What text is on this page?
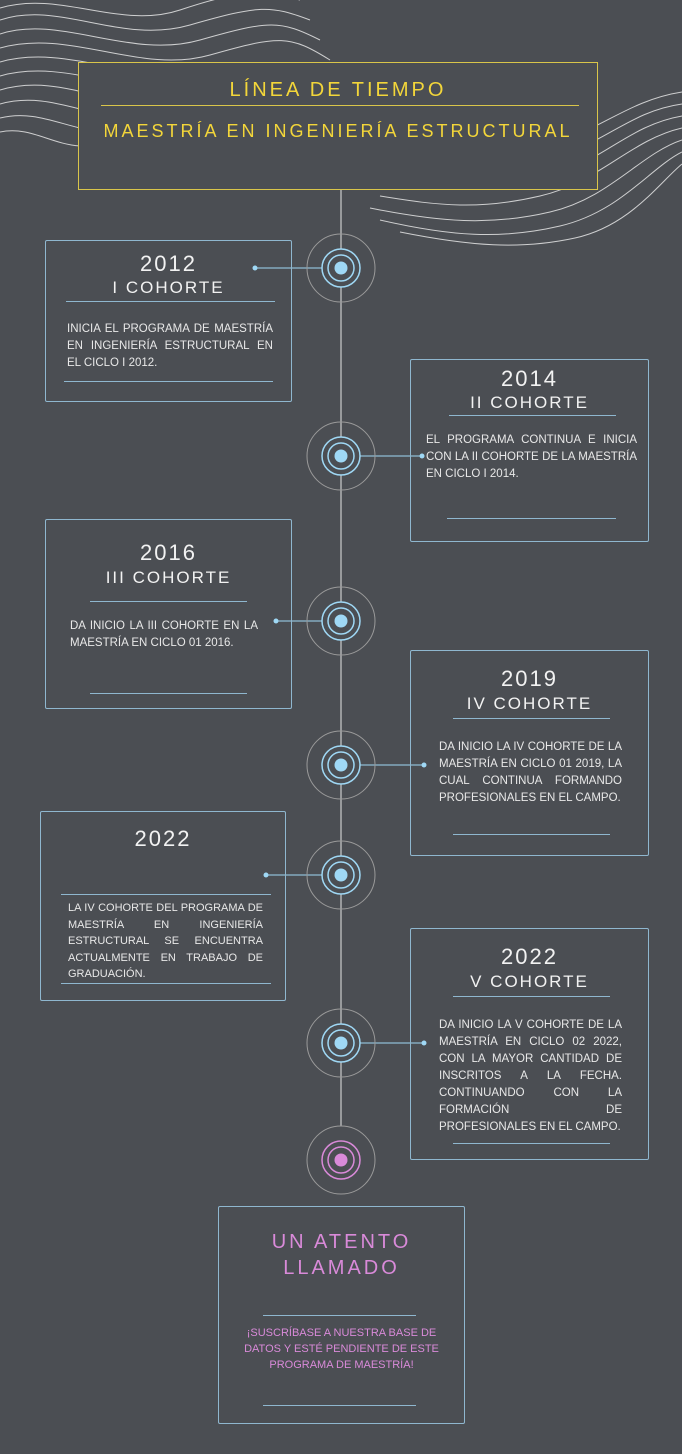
LÍNEA DE TIEMPO
MAESTRÍA EN INGENIERÍA ESTRUCTURAL
2012
I COHORTE
INICIA EL PROGRAMA DE MAESTRÍA EN INGENIERÍA ESTRUCTURAL EN EL CICLO I 2012.
2014
II COHORTE
EL PROGRAMA CONTINUA E INICIA CON LA II COHORTE DE LA MAESTRÍA EN CICLO I 2014.
2016
III COHORTE
DA INICIO LA III COHORTE EN LA MAESTRÍA EN CICLO 01 2016.
2019
IV COHORTE
DA INICIO LA IV COHORTE DE LA MAESTRÍA EN CICLO 01 2019, LA CUAL CONTINUA FORMANDO PROFESIONALES EN EL CAMPO.
2022
LA IV COHORTE DEL PROGRAMA DE MAESTRÍA EN INGENIERÍA ESTRUCTURAL SE ENCUENTRA ACTUALMENTE EN TRABAJO DE GRADUACIÓN.
2022
V COHORTE
DA INICIO LA V COHORTE DE LA MAESTRÍA EN CICLO 02 2022, CON LA MAYOR CANTIDAD DE INSCRITOS A LA FECHA. CONTINUANDO CON LA FORMACIÓN DE PROFESIONALES EN EL CAMPO.
UN ATENTO
LLAMADO
¡SUSCRÍBASE A NUESTRA BASE DE DATOS Y ESTÉ PENDIENTE DE ESTE PROGRAMA DE MAESTRÍA!
